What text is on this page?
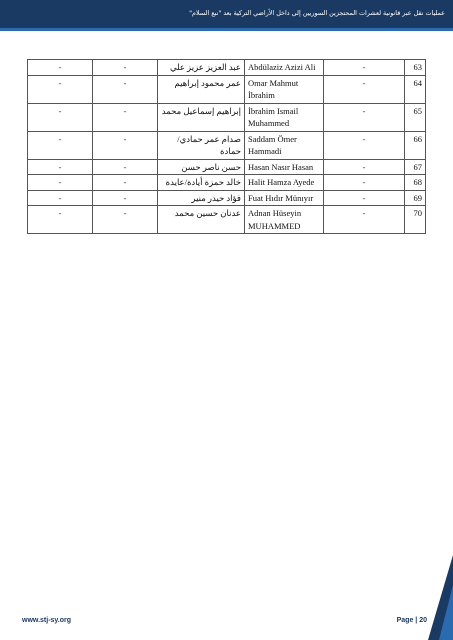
عمليات نقل عبر قانونية لعشرات المحتجزين السوريين إلى داخل الأراضي التركية بعد "نبع السلام"
-	-	عبد العزيز عزيز علي	Abdülaziz Azizi Ali	-	63
-	-	عمر محمود إبراهيم	Omar Mahmut İbrahim	-	64
-	-	إبراهيم إسماعيل محمد	İbrahim Ismail Muhammed	-	65
-	-	صدام عمر حمادي/حمادة	Saddam Ömer Hammadi	-	66
-	-	حسن ناصر حسن	Hasan Nasır Hasan	-	67
-	-	خالد حمزة أيادة/عايدة	Halit Hamza Ayede	-	68
-	-	فؤاد حيدر منير	Fuat Hıdır Münıyır	-	69
-	-	عدنان حسين محمد	Adnan Hüseyin MUHAMMED	-	70
www.stj-sy.org	Page | 20
